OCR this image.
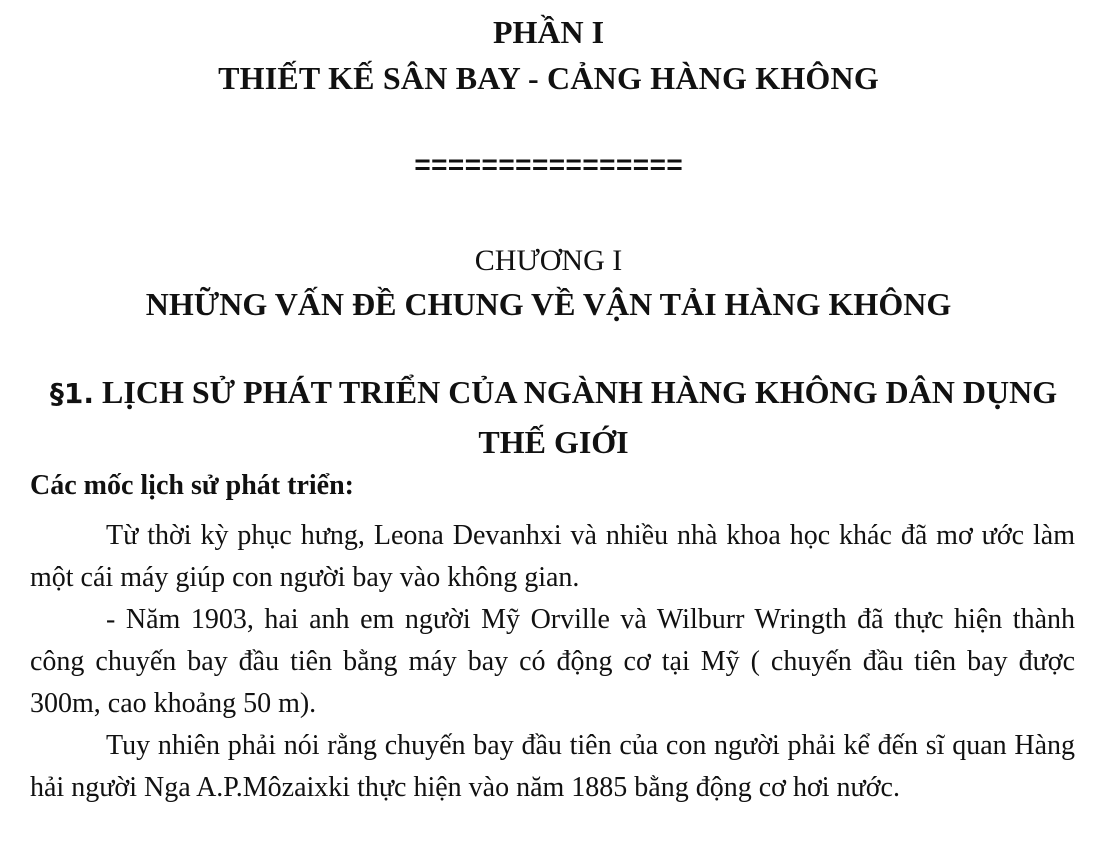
PHẦN I
THIẾT KẾ SÂN BAY - CẢNG HÀNG KHÔNG
================
CHƯƠNG I
NHỮNG VẤN ĐỀ CHUNG VỀ VẬN TẢI HÀNG KHÔNG
§1. LỊCH SỬ PHÁT TRIỂN CỦA NGÀNH HÀNG KHÔNG DÂN DỤNG
THẾ GIỚI
Các mốc lịch sử phát triển:

Từ thời kỳ phục hưng, Leona Devanhxi và nhiều nhà khoa học khác đã mơ ước làm một cái máy giúp con người bay vào không gian.

- Năm 1903, hai anh em người Mỹ Orville và Wilburr Wringth đã thực hiện thành công chuyến bay đầu tiên bằng máy bay có động cơ tại Mỹ ( chuyến đầu tiên bay được 300m, cao khoảng 50 m).

Tuy nhiên phải nói rằng chuyến bay đầu tiên của con người phải kể đến sĩ quan Hàng hải người Nga A.P.Môzaixki thực hiện vào năm 1885 bằng động cơ hơi nước.
